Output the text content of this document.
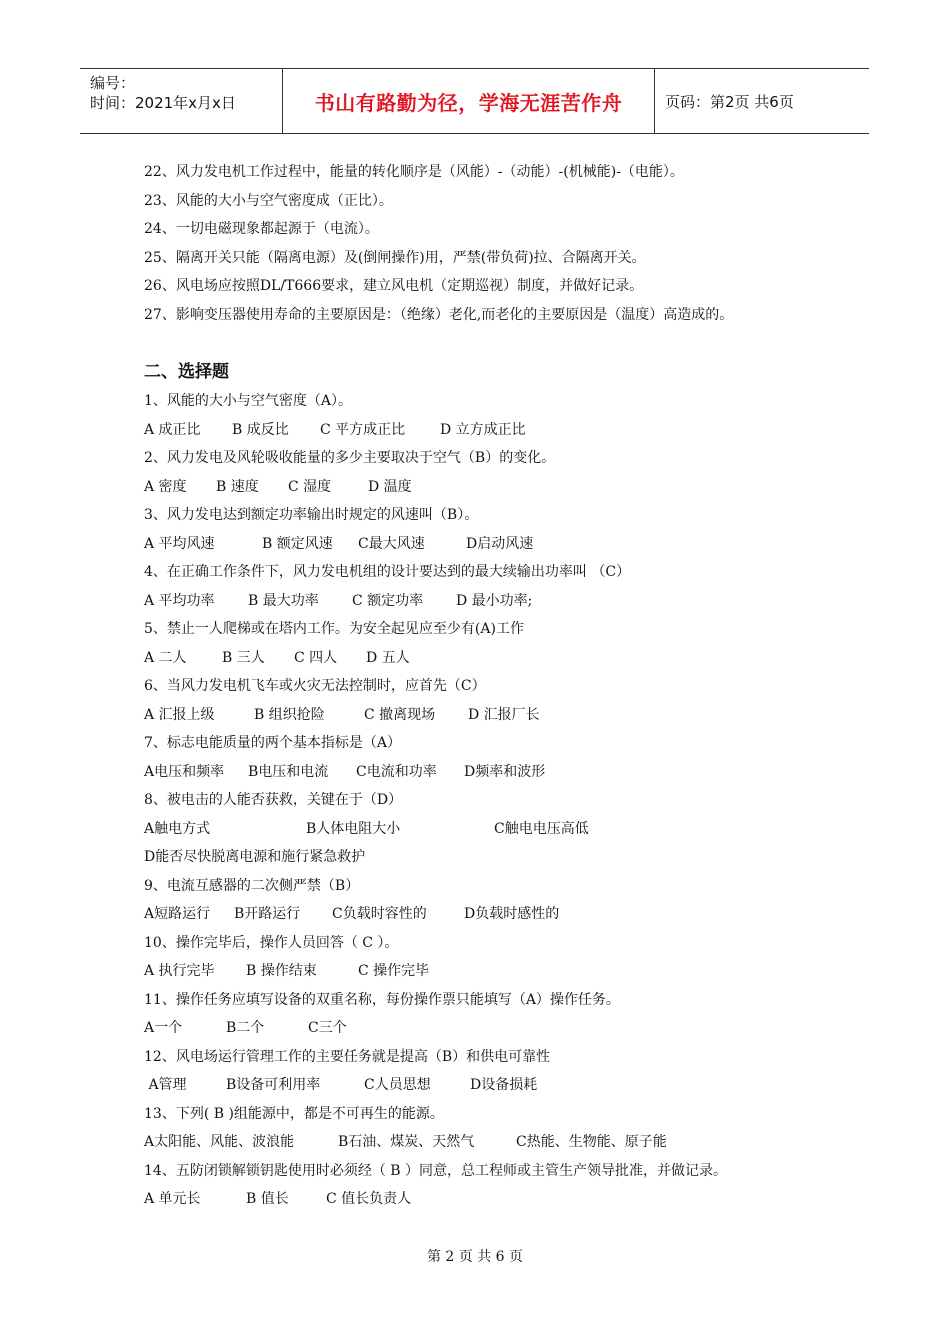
编号：
时间：2021年x月x日	书山有路勤为径，学海无涯苦作舟	页码：第2页 共6页
22、风力发电机工作过程中，能量的转化顺序是（风能）-（动能）-(机械能)-（电能）。
23、风能的大小与空气密度成（正比）。
24、一切电磁现象都起源于（电流）。
25、隔离开关只能（隔离电源）及(倒闸操作)用，严禁(带负荷)拉、合隔离开关。
26、风电场应按照DL/T666要求，建立风电机（定期巡视）制度，并做好记录。
27、影响变压器使用寿命的主要原因是：（绝缘）老化,而老化的主要原因是（温度）高造成的。
二、选择题
1、风能的大小与空气密度（A）。
A 成正比	B 成反比	C 平方成正比	D 立方成正比
2、风力发电及风轮吸收能量的多少主要取决于空气（B）的变化。
A 密度	B 速度	C 湿度	D 温度
3、风力发电达到额定功率输出时规定的风速叫（B）。
A 平均风速	B 额定风速	C最大风速	D启动风速
4、在正确工作条件下，风力发电机组的设计要达到的最大续输出功率叫 （C）
A 平均功率	B 最大功率	C 额定功率	D 最小功率;
5、禁止一人爬梯或在塔内工作。为安全起见应至少有(A)工作
A 二人	B 三人	C 四人	D 五人
6、当风力发电机飞车或火灾无法控制时，应首先（C）
A 汇报上级	B 组织抢险	C 撤离现场	D 汇报厂长
7、标志电能质量的两个基本指标是（A）
A电压和频率	B电压和电流	C电流和功率	D频率和波形
8、被电击的人能否获救，关键在于（D）
A触电方式	B人体电阻大小	C触电电压高低
D能否尽快脱离电源和施行紧急救护
9、电流互感器的二次侧严禁（B）
A短路运行	B开路运行	C负载时容性的	D负载时感性的
10、操作完毕后，操作人员回答（ C ）。
A 执行完毕	B 操作结束	C 操作完毕
11、操作任务应填写设备的双重名称，每份操作票只能填写（A）操作任务。
A一个	B二个	C三个
12、风电场运行管理工作的主要任务就是提高（B）和供电可靠性
A管理	B设备可利用率	C人员思想	D设备损耗
13、下列( B )组能源中，都是不可再生的能源。
A太阳能、风能、波浪能	B石油、煤炭、天然气	C热能、生物能、原子能
14、五防闭锁解锁钥匙使用时必须经（ B ）同意，总工程师或主管生产领导批准，并做记录。
A 单元长	B 值长	C 值长负责人
第 2 页 共 6 页
